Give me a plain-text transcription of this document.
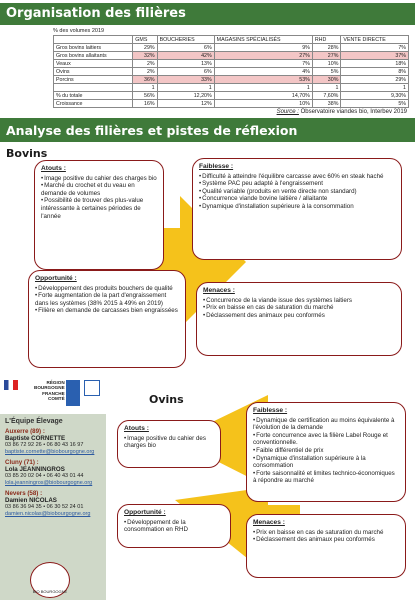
Organisation des filières
% des volumes 2019
	GMS	BOUCHERIES	MAGASINS SPÉCIALISÉS	RHD	VENTE DIRECTE
Gros bovins laitiers	29%	6%	9%	28%	7%
Gros bovins allaitants	32%	42%	27%	27%	37%
Veaux	2%	13%	7%	10%	18%
Ovins	2%	6%	4%	5%	8%
Porcins	36%	33%	53%	30%	29%
	1	1	1	1	1
% du totale	56%	12,20%	14,70%	7,60%	9,30%
Croissance	16%	12%	10%	38%	5%
Source : Observatoire viandes bio, Interbev 2019
Analyse des filières et pistes de réflexion
Bovins
Atouts :
• Image positive du cahier des charges bio
• Marché du crochet et du veau en demande de volumes
• Possibilité de trouver des plus-value intéressante à certaines périodes de l'année
Faiblesse :
• Difficulté à atteindre l'équilibre carcasse avec 60% en steak haché
• Système PAC peu adapté à l'engraissement
• Qualité variable (produits en vente directe non standard)
• Concurrence viande bovine laitière / allaitante
• Dynamique d'installation supérieure à la consommation
Opportunité :
• Développement des produits bouchers de qualité
• Forte augmentation de la part d'engraissement dans les systèmes (38% 2015 à 49% en 2019)
• Filière en demande de carcasses bien engraissées
Menaces :
• Concurrence de la viande issue des systèmes laitiers
• Prix en baisse en cas de saturation du marché
• Déclassement des animaux peu conformés
RÉGION
BOURGOGNE
FRANCHE
COMTÉ
L'Équipe Élevage
Auxerre (89) :
Baptiste CORNETTE
03 86 72 92 26 • 06 80 43 16 97
baptiste.cornette@biobourgogne.org
Cluny (71) :
Lola JEANNINGROS
03 85 20 02 04 • 06 40 43 01 44
lola.jeanningros@biobourgogne.org
Nevers (58) :
Damien NICOLAS
03 86 36 94 35 • 06 30 52 24 01
damien.nicolas@biobourgogne.org
BIO BOURGOGNE
Ovins
Atouts :
• Image positive du cahier des charges bio
Faiblesse :
• Dynamique de certification au moins équivalente à l'évolution de la demande
• Forte concurrence avec la filière Label Rouge et conventionnelle.
• Faible différentiel de prix
• Dynamique d'installation supérieure à la consommation
• Forte saisonnalité et limites technico-économiques à répondre au marché
Opportunité :
• Développement de la consommation en RHD
Menaces :
• Prix en baisse en cas de saturation du marché
• Déclassement des animaux peu conformés
